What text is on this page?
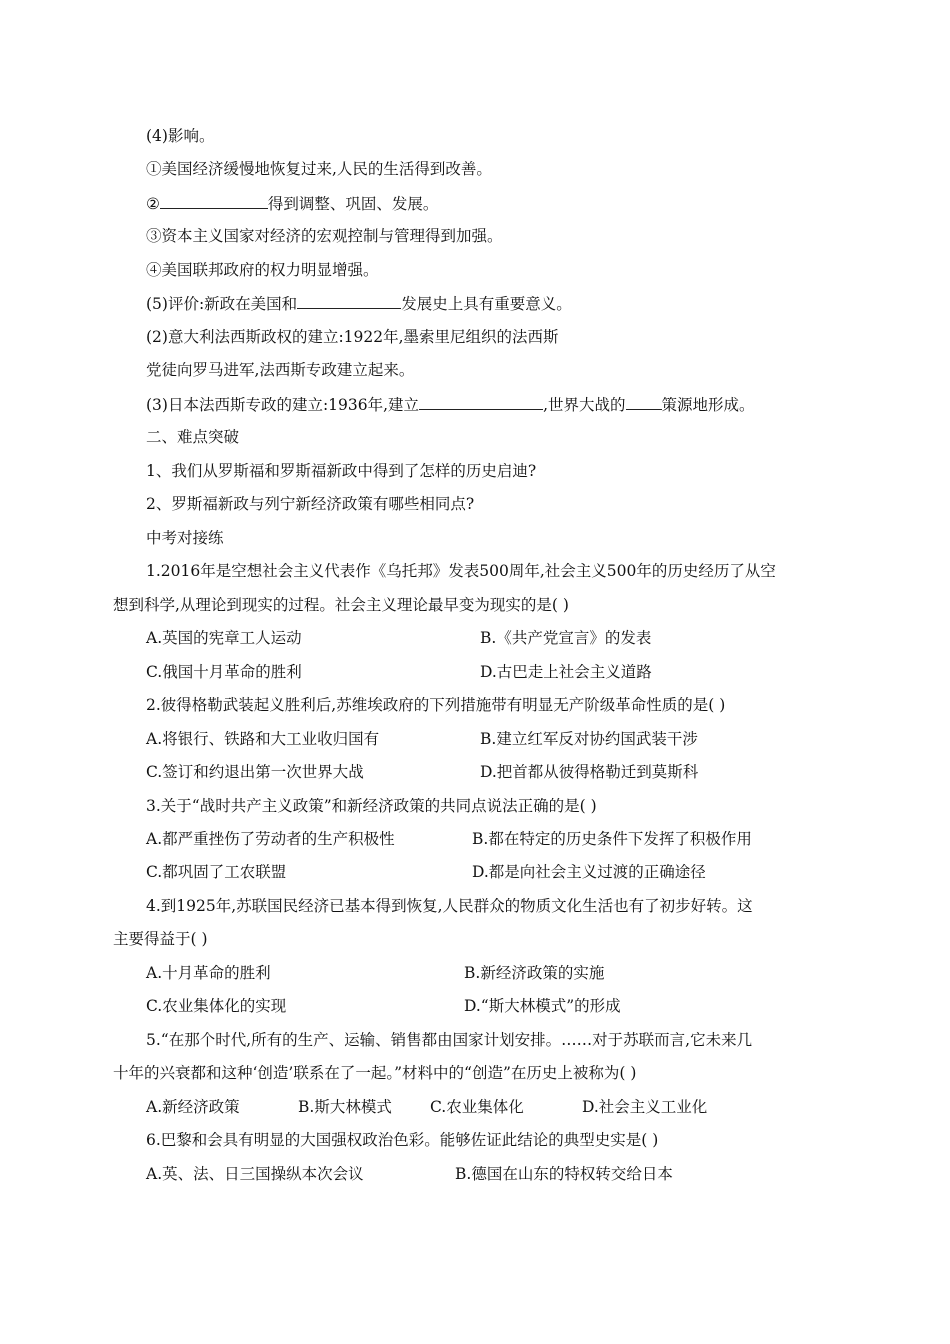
(4)影响。
①美国经济缓慢地恢复过来,人民的生活得到改善。
②	得到调整、巩固、发展。
③资本主义国家对经济的宏观控制与管理得到加强。
④美国联邦政府的权力明显增强。
(5)评价:新政在美国和	发展史上具有重要意义。
(2)意大利法西斯政权的建立:1922年,墨索里尼组织的法西斯
党徒向罗马进军,法西斯专政建立起来。
(3)日本法西斯专政的建立:1936年,建立	,世界大战的 策源地形成。
二、难点突破
1、我们从罗斯福和罗斯福新政中得到了怎样的历史启迪?
2、罗斯福新政与列宁新经济政策有哪些相同点?
中考对接练
1.2016年是空想社会主义代表作《乌托邦》发表500周年,社会主义500年的历史经历了从空
想到科学,从理论到现实的过程。社会主义理论最早变为现实的是( )
A.英国的宪章工人运动	B.《共产党宣言》的发表
C.俄国十月革命的胜利	D.古巴走上社会主义道路
2.彼得格勒武装起义胜利后,苏维埃政府的下列措施带有明显无产阶级革命性质的是( )
A.将银行、铁路和大工业收归国有	B.建立红军反对协约国武装干涉
C.签订和约退出第一次世界大战	D.把首都从彼得格勒迁到莫斯科
3.关于“战时共产主义政策”和新经济政策的共同点说法正确的是( )
A.都严重挫伤了劳动者的生产积极性	B.都在特定的历史条件下发挥了积极作用
C.都巩固了工农联盟	D.都是向社会主义过渡的正确途径
4.到1925年,苏联国民经济已基本得到恢复,人民群众的物质文化生活也有了初步好转。这
主要得益于( )
A.十月革命的胜利	B.新经济政策的实施
C.农业集体化的实现	D.“斯大林模式”的形成
5.“在那个时代,所有的生产、运输、销售都由国家计划安排。……对于苏联而言,它未来几
十年的兴衰都和这种‘创造’联系在了一起。”材料中的“创造”在历史上被称为( )
A.新经济政策	B.斯大林模式 C.农业集体化	D.社会主义工业化
6.巴黎和会具有明显的大国强权政治色彩。能够佐证此结论的典型史实是( )
A.英、法、日三国操纵本次会议	B.德国在山东的特权转交给日本
